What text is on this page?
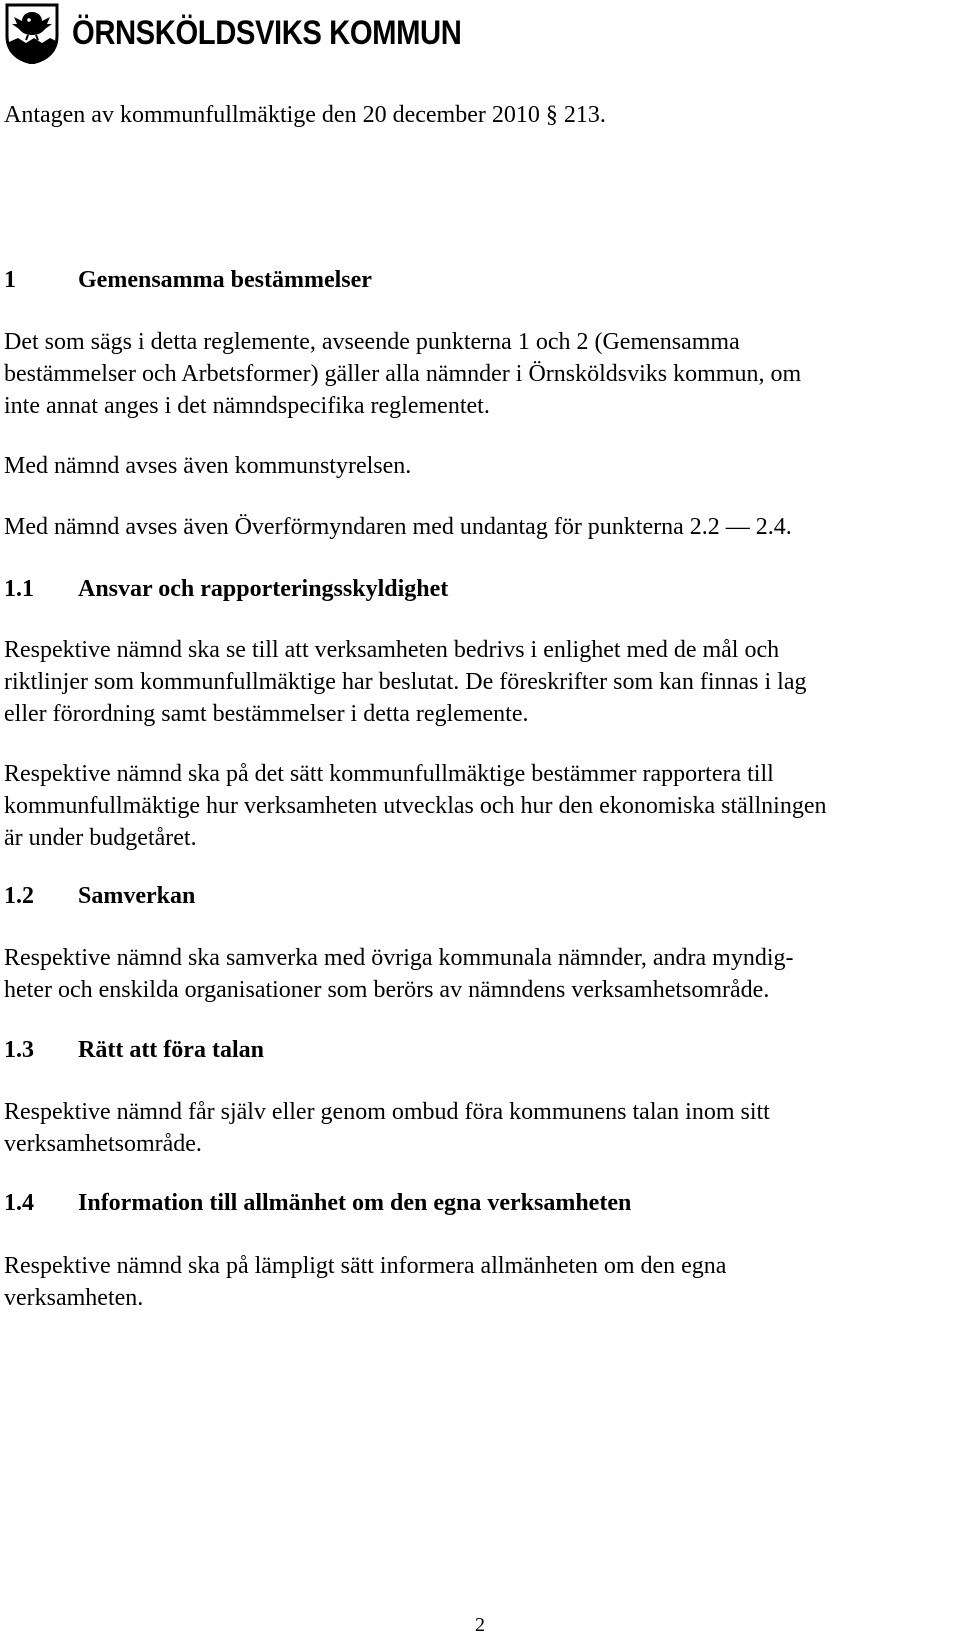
ÖRNSKÖLDSVIKS KOMMUN
Antagen av kommunfullmäktige den 20 december 2010 § 213.
1	Gemensamma bestämmelser
Det som sägs i detta reglemente, avseende punkterna 1 och 2 (Gemensamma
bestämmelser och Arbetsformer) gäller alla nämnder i Örnsköldsviks kommun, om
inte annat anges i det nämndspecifika reglementet.
Med nämnd avses även kommunstyrelsen.
Med nämnd avses även Överförmyndaren med undantag för punkterna 2.2 — 2.4.
1.1 Ansvar och rapporteringsskyldighet
Respektive nämnd ska se till att verksamheten bedrivs i enlighet med de mål och
riktlinjer som kommunfullmäktige har beslutat. De föreskrifter som kan finnas i lag
eller förordning samt bestämmelser i detta reglemente.
Respektive nämnd ska på det sätt kommunfullmäktige bestämmer rapportera till
kommunfullmäktige hur verksamheten utvecklas och hur den ekonomiska ställningen
är under budgetåret.
1.2 Samverkan
Respektive nämnd ska samverka med övriga kommunala nämnder, andra myndig-
heter och enskilda organisationer som berörs av nämndens verksamhetsområde.
1.3 Rätt att föra talan
Respektive nämnd får själv eller genom ombud föra kommunens talan inom sitt
verksamhetsområde.
1.4 Information till allmänhet om den egna verksamheten
Respektive nämnd ska på lämpligt sätt informera allmänheten om den egna
verksamheten.
2
